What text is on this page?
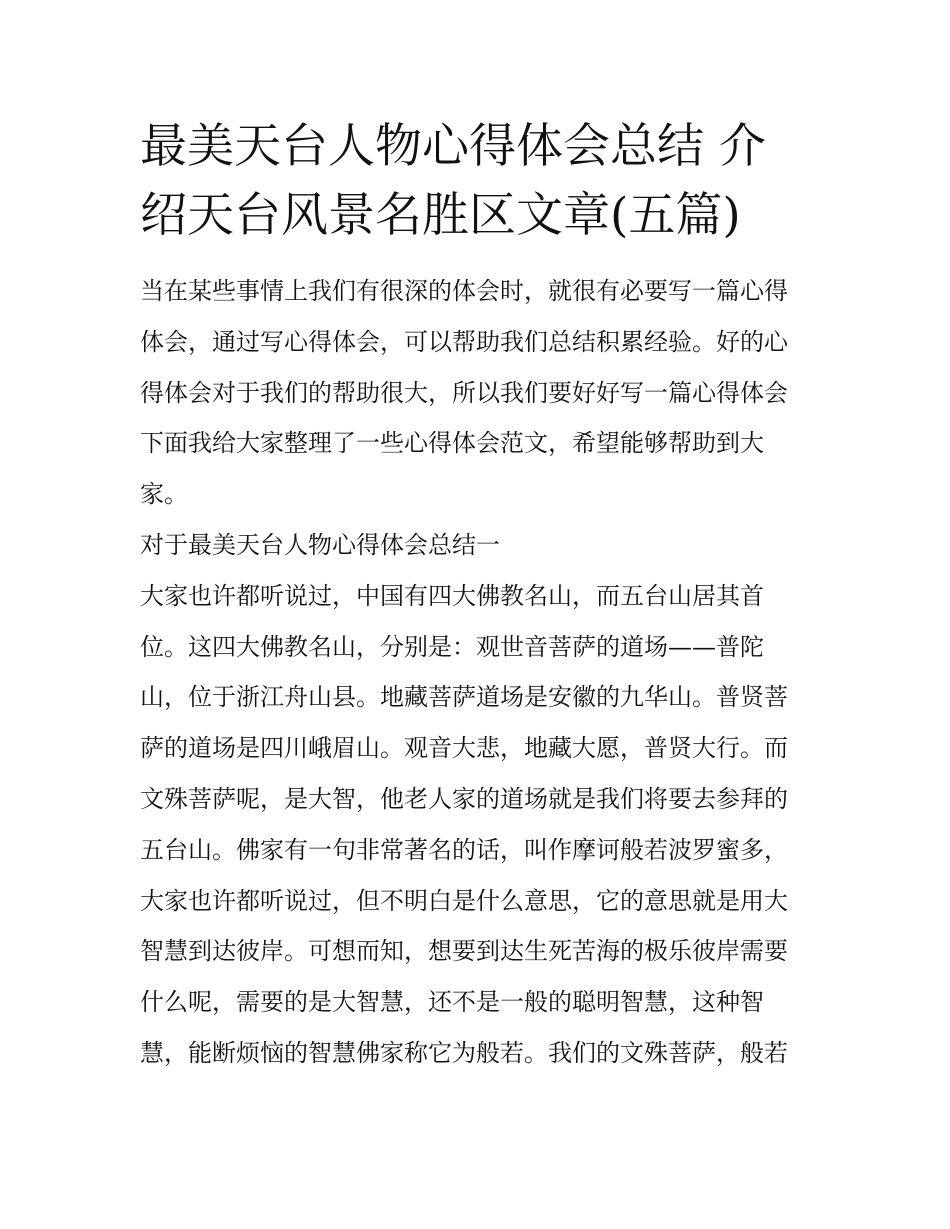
最美天台人物心得体会总结 介
绍天台风景名胜区文章(五篇)

当在某些事情上我们有很深的体会时，就很有必要写一篇心得
体会，通过写心得体会，可以帮助我们总结积累经验。好的心
得体会对于我们的帮助很大，所以我们要好好写一篇心得体会
下面我给大家整理了一些心得体会范文，希望能够帮助到大
家。

对于最美天台人物心得体会总结一

大家也许都听说过，中国有四大佛教名山，而五台山居其首
位。这四大佛教名山，分别是：观世音菩萨的道场——普陀
山，位于浙江舟山县。地藏菩萨道场是安徽的九华山。普贤菩
萨的道场是四川峨眉山。观音大悲，地藏大愿，普贤大行。而
文殊菩萨呢，是大智，他老人家的道场就是我们将要去参拜的
五台山。佛家有一句非常著名的话，叫作摩诃般若波罗蜜多，
大家也许都听说过，但不明白是什么意思，它的意思就是用大
智慧到达彼岸。可想而知，想要到达生死苦海的极乐彼岸需要
什么呢，需要的是大智慧，还不是一般的聪明智慧，这种智
慧，能断烦恼的智慧佛家称它为般若。我们的文殊菩萨，般若
